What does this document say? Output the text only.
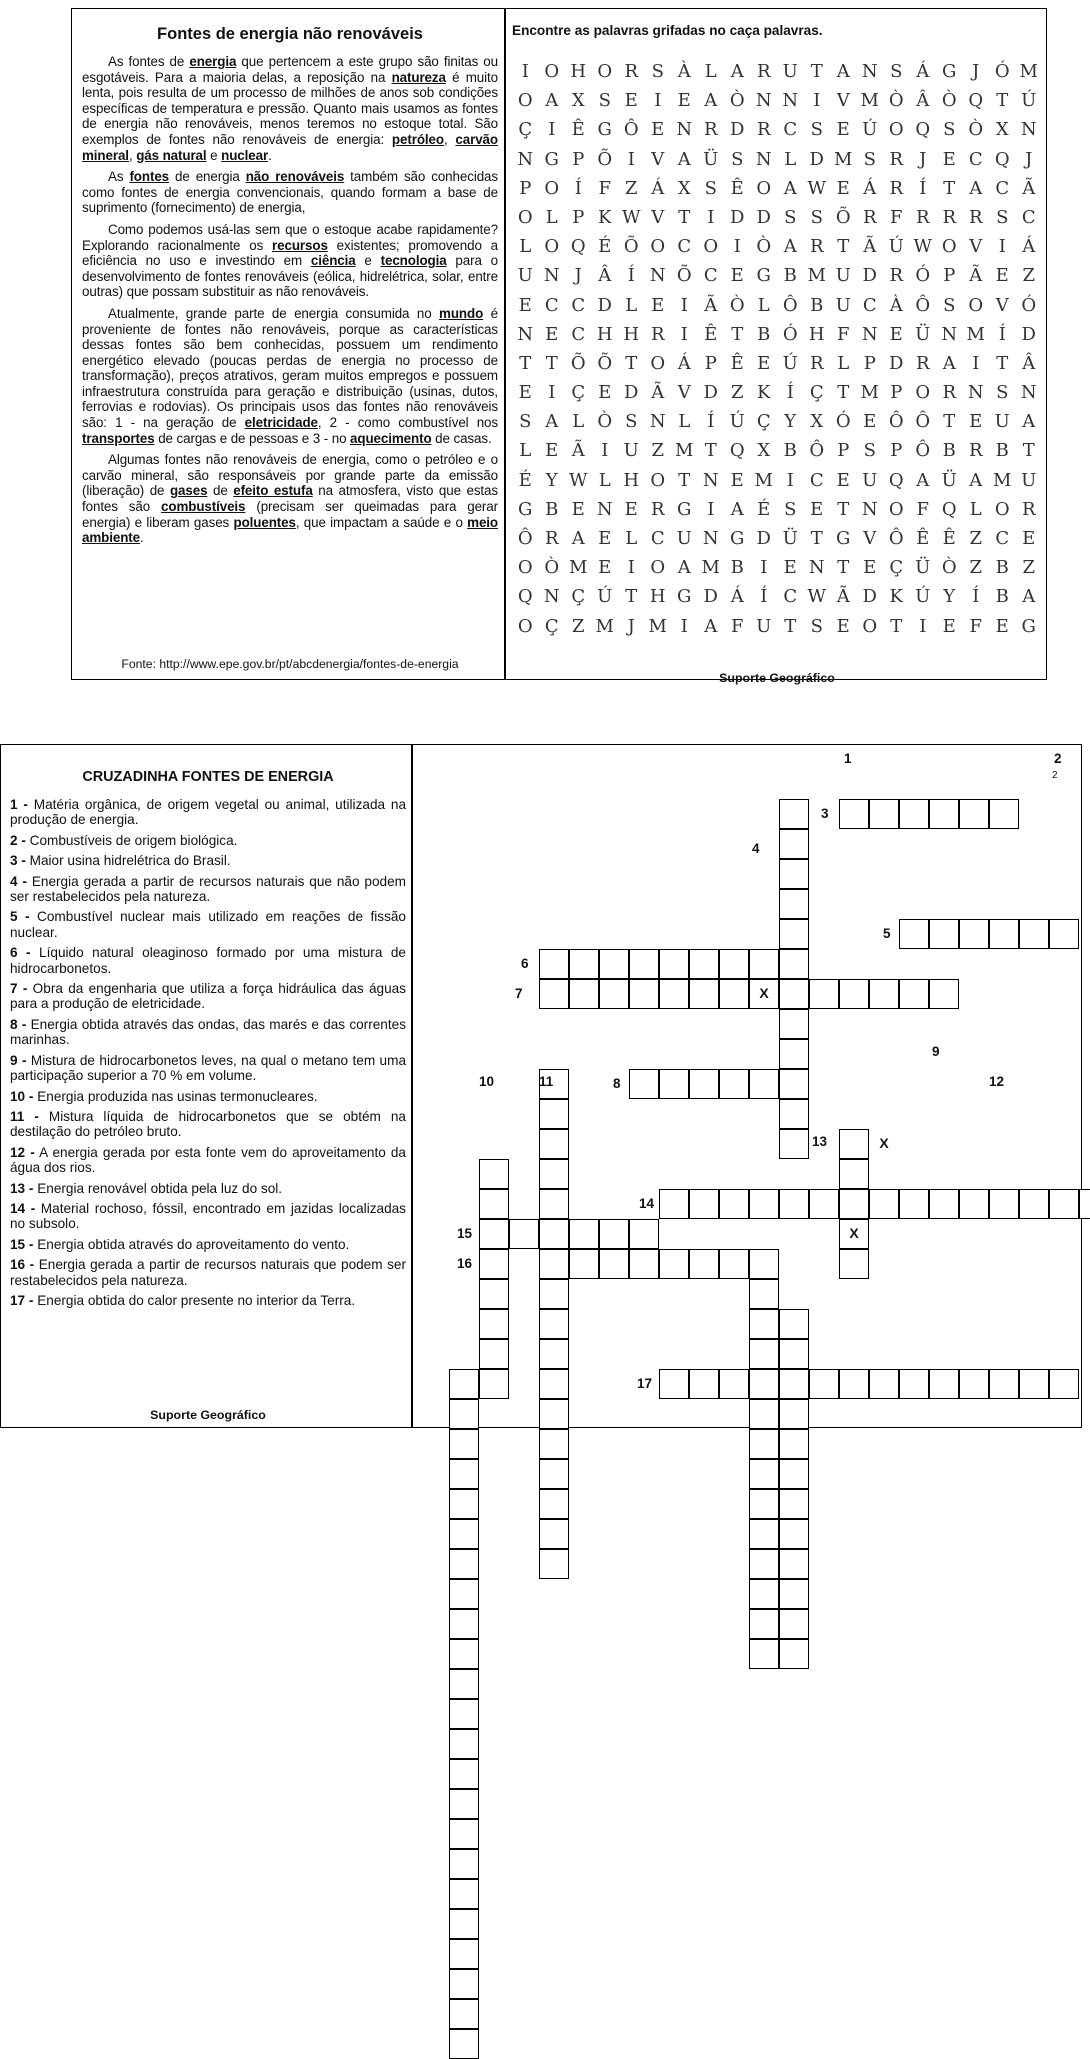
Fontes de energia não renováveis

As fontes de energia que pertencem a este grupo são finitas ou esgotáveis. Para a maioria delas, a reposição na natureza é muito lenta, pois resulta de um processo de milhões de anos sob condições específicas de temperatura e pressão. Quanto mais usamos as fontes de energia não renováveis, menos teremos no estoque total. São exemplos de fontes não renováveis de energia: petróleo, carvão mineral, gás natural e nuclear.

As fontes de energia não renováveis também são conhecidas como fontes de energia convencionais, quando formam a base de suprimento (fornecimento) de energia,

Como podemos usá-las sem que o estoque acabe rapidamente? Explorando racionalmente os recursos existentes; promovendo a eficiência no uso e investindo em ciência e tecnologia para o desenvolvimento de fontes renováveis (eólica, hidrelétrica, solar, entre outras) que possam substituir as não renováveis.

Atualmente, grande parte de energia consumida no mundo é proveniente de fontes não renováveis, porque as características dessas fontes são bem conhecidas, possuem um rendimento energético elevado (poucas perdas de energia no processo de transformação), preços atrativos, geram muitos empregos e possuem infraestrutura construída para geração e distribuição (usinas, dutos, ferrovias e rodovias). Os principais usos das fontes não renováveis são: 1 - na geração de eletricidade, 2 - como combustível nos transportes de cargas e de pessoas e 3 - no aquecimento de casas.

Algumas fontes não renováveis de energia, como o petróleo e o carvão mineral, são responsáveis por grande parte da emissão (liberação) de gases de efeito estufa na atmosfera, visto que estas fontes são combustíveis (precisam ser queimadas para gerar energia) e liberam gases poluentes, que impactam a saúde e o meio ambiente.

Fonte: http://www.epe.gov.br/pt/abcdenergia/fontes-de-energia

Encontre as palavras grifadas no caça palavras.

I O H O R S À L A R U T A N S Á G J Ó M
O A X S E I E A Ò N N I V M Ò Â Ò Q T Ú
Ç I Ê G Ô E N R D R C S E Ú O Q S Ò X N
N G P Õ I V A Ü S N L D M S R J E C Q J
P O Í F Z Á X S Ê O A W E Á R Í T A C Ã
O L P K W V T I D D S S Õ R F R R R S C
L O Q É Õ O C O I Ò A R T Ã Ú W O V I Á
U N J Â Í N Õ C E G B M U D R Ó P Ã E Z
E C C D L E I Ã Ò L Ô B U C À Ô S O V Ó
N E C H H R I Ê T B Ó H F N E Ü N M Í D
T T Õ Õ T O Á P Ê E Ú R L P D R A I T Â
E I Ç E D Ã V D Z K Í Ç T M P O R N S N
S A L Ò S N L Í Ú Ç Y X Ó E Ô Ô T E U A
L E Ã I U Z M T Q X B Ô P S P Ô B R B T
É Y W L H O T N E M I C E U Q A Ü A M U
G B E N E R G I A É S E T N O F Q L O R
Ô R A E L C U N G D Ü T G V Ô Ê Ê Z C E
O Ò M E I O A M B I E N T E Ç Ü Ò Z B Z
Q N Ç Ú T H G D Á Í C W Ã D K Ú Y Í B A
O Ç Z M J M I A F U T S E O T I E F E G
Suporte Geográfico
CRUZADINHA FONTES DE ENERGIA

1 - Matéria orgânica, de origem vegetal ou animal, utilizada na produção de energia.

2 - Combustíveis de origem biológica.

3 - Maior usina hidrelétrica do Brasil.

4 - Energia gerada a partir de recursos naturais que não podem ser restabelecidos pela natureza.

5 - Combustível nuclear mais utilizado em reações de fissão nuclear.

6 - Líquido natural oleaginoso formado por uma mistura de hidrocarbonetos.

7 - Obra da engenharia que utiliza a força hidráulica das águas para a produção de eletricidade.

8 - Energia obtida através das ondas, das marés e das correntes marinhas.

9 - Mistura de hidrocarbonetos leves, na qual o metano tem uma participação superior a 70 % em volume.

10 - Energia produzida nas usinas termonucleares.

11 - Mistura líquida de hidrocarbonetos que se obtém na destilação do petróleo bruto.

12 - A energia gerada por esta fonte vem do aproveitamento da água dos rios.

13 - Energia renovável obtida pela luz do sol.

14 - Material rochoso, fóssil, encontrado em jazidas localizadas no subsolo.

15 - Energia obtida através do aproveitamento do vento.

16 - Energia gerada a partir de recursos naturais que podem ser restabelecidos pela natureza.

17 - Energia obtida do calor presente no interior da Terra.

Suporte Geográfico
1	2
3
4
5
6
7
8
9
10	11	12
13
14
15
16
17
X
X
X
2
